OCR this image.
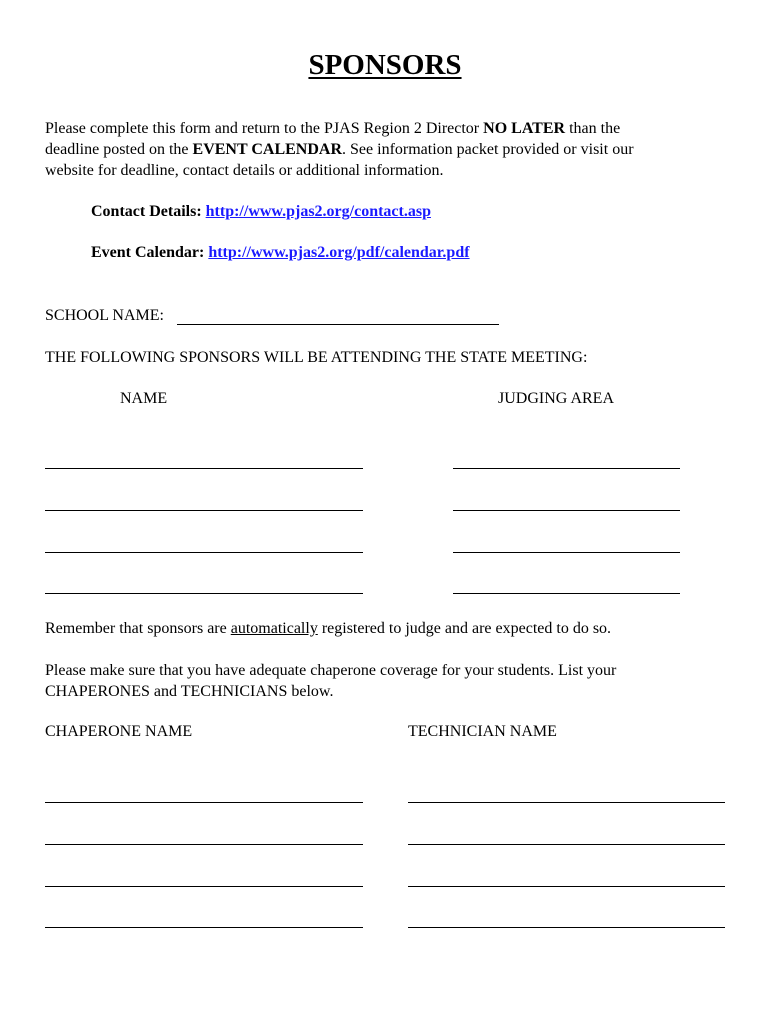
SPONSORS
Please complete this form and return to the PJAS Region 2 Director NO LATER than the
deadline posted on the EVENT CALENDAR. See information packet provided or visit our
website for deadline, contact details or additional information.
Contact Details: http://www.pjas2.org/contact.asp
Event Calendar: http://www.pjas2.org/pdf/calendar.pdf
SCHOOL NAME:
THE FOLLOWING SPONSORS WILL BE ATTENDING THE STATE MEETING:
NAME	JUDGING AREA
Remember that sponsors are automatically registered to judge and are expected to do so.
Please make sure that you have adequate chaperone coverage for your students. List your
CHAPERONES and TECHNICIANS below.
CHAPERONE NAME	TECHNICIAN NAME
